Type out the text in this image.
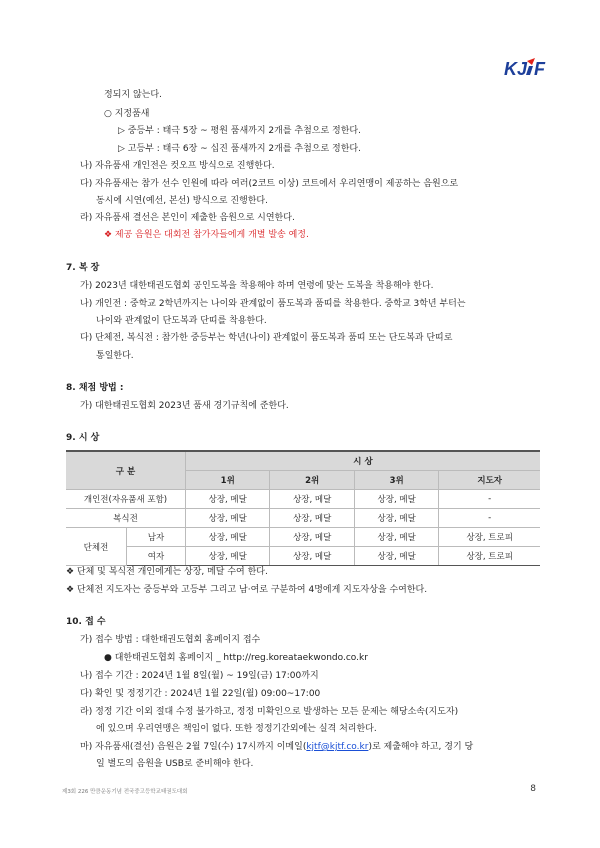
KJ F
정되지 않는다.
○ 지정품새
▷ 중등부 : 태극 5장 ~ 평원 품새까지 2개를 추첨으로 정한다.
▷ 고등부 : 태극 6장 ~ 십진 품새까지 2개를 추첨으로 정한다.
나) 자유품새 개인전은 컷오프 방식으로 진행한다.
다) 자유품새는 참가 선수 인원에 따라 여러(2코트 이상) 코트에서 우리연맹이 제공하는 음원으로
동시에 시연(예선, 본선) 방식으로 진행한다.
라) 자유품새 결선은 본인이 제출한 음원으로 시연한다.
❖ 제공 음원은 대회전 참가자들에게 개별 발송 예정.
7. 복 장
가) 2023년 대한태권도협회 공인도복을 착용해야 하며 연령에 맞는 도복을 착용해야 한다.
나) 개인전 : 중학교 2학년까지는 나이와 관계없이 품도복과 품띠를 착용한다. 중학교 3학년 부터는
나이와 관계없이 단도복과 단띠를 착용한다.
다) 단체전, 복식전 : 참가한 중등부는 학년(나이) 관계없이 품도복과 품띠 또는 단도복과 단띠로
통일한다.
8. 채점 방법 :
가) 대한태권도협회 2023년 품새 경기규칙에 준한다.
9. 시 상
구 분		시 상			
		1위	2위	3위	지도자
개인전(자유품새 포함)		상장, 메달	상장, 메달	상장, 메달	-
복식전		상장, 메달	상장, 메달	상장, 메달	-
단체전	남자	상장, 메달	상장, 메달	상장, 메달	상장, 트로피
	여자	상장, 메달	상장, 메달	상장, 메달	상장, 트로피
❖ 단체 및 복식전 개인에게는 상장, 메달 수여 한다.
❖ 단체전 지도자는 중등부와 고등부 그리고 남·여로 구분하여 4명에게 지도자상을 수여한다.
10. 접 수
가) 접수 방법 : 대한태권도협회 홈페이지 접수
● 대한태권도협회 홈페이지 _ http://reg.koreataekwondo.co.kr
나) 접수 기간 : 2024년 1월 8일(월) ~ 19일(금) 17:00까지
다) 확인 및 정정기간 : 2024년 1월 22일(월) 09:00~17:00
라) 정정 기간 이외 절대 수정 불가하고, 정정 미확인으로 발생하는 모든 문제는 해당소속(지도자)
에 있으며 우리연맹은 책임이 없다. 또한 정정기간외에는 실격 처리한다.
마) 자유품새(결선) 음원은 2월 7일(수) 17시까지 이메일(kjtf@kjtf.co.kr)로 제출해야 하고, 경기 당
일 별도의 음원을 USB로 준비해야 한다.
제3회 226 만큼운동기념 전국중고등학교태권도대회	8
